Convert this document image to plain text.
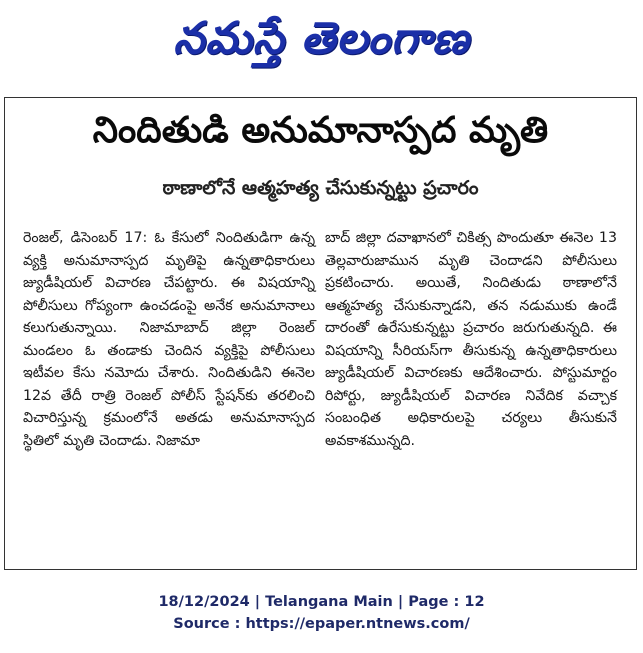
నమస్తే తెలంగాణ
నిందితుడి అనుమానాస్పద మృతి
ఠాణాలోనే ఆత్మహత్య చేసుకున్నట్టు ప్రచారం

రెంజల్, డిసెంబర్ 17: ఓ కేసులో నిందితుడిగా ఉన్న వ్యక్తి అనుమానాస్పద మృతిపై ఉన్నతాధికారులు జ్యుడీషియల్ విచారణ చేపట్టారు. ఈ విషయాన్ని పోలీసులు గోప్యంగా ఉంచడంపై అనేక అనుమానాలు కలుగుతున్నాయి. నిజామాబాద్ జిల్లా రెంజల్ మండలం ఓ తండాకు చెందిన వ్యక్తిపై పోలీసులు ఇటీవల కేసు నమోదు చేశారు. నిందితుడిని ఈనెల 12వ తేదీ రాత్రి రెంజల్ పోలీస్ స్టేషన్‌కు తరలించి విచారిస్తున్న క్రమంలోనే అతడు అనుమానాస్పద స్థితిలో మృతి చెందాడు. నిజామా

బాద్ జిల్లా దవాఖానలో చికిత్స పొందుతూ ఈనెల 13 తెల్లవారుజామున మృతి చెందాడని పోలీసులు ప్రకటించారు. అయితే, నిందితుడు ఠాణాలోనే ఆత్మహత్య చేసుకున్నాడని, తన నడుముకు ఉండే దారంతో ఉరేసుకున్నట్టు ప్రచారం జరుగుతున్నది. ఈ విషయాన్ని సీరియస్‌గా తీసుకున్న ఉన్నతాధికారులు జ్యుడీషియల్ విచారణకు ఆదేశించారు. పోస్టుమార్టం రిపోర్టు, జ్యుడీషియల్ విచారణ నివేదిక వచ్చాక సంబంధిత అధికారులపై చర్యలు తీసుకునే అవకాశమున్నది.

18/12/2024 | Telangana Main | Page : 12
Source : https://epaper.ntnews.com/
